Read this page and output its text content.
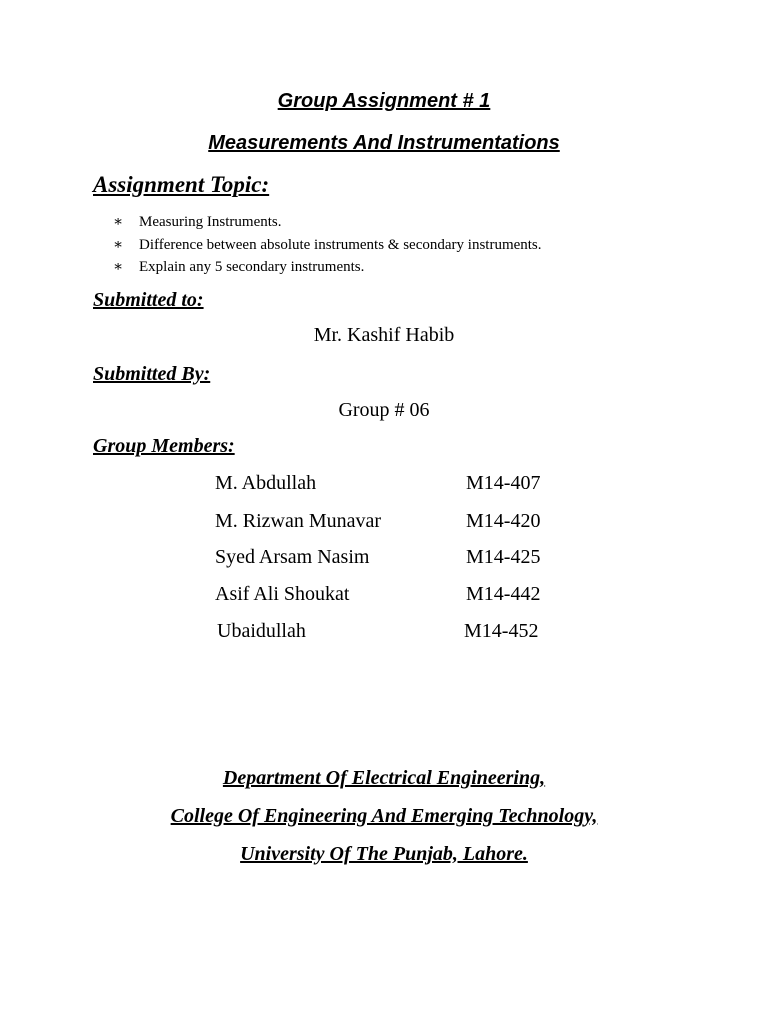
Group Assignment # 1
Measurements And Instrumentations
Assignment Topic:
∗ Measuring Instruments.
∗ Difference between absolute instruments & secondary instruments.
∗ Explain any 5 secondary instruments.
Submitted to:
Mr. Kashif Habib
Submitted By:
Group # 06
Group Members:
M. Abdullah	M14-407
M. Rizwan Munavar	M14-420
Syed Arsam Nasim	M14-425
Asif Ali Shoukat	M14-442
Ubaidullah	M14-452
Department Of Electrical Engineering,
College Of Engineering And Emerging Technology,
University Of The Punjab, Lahore.
